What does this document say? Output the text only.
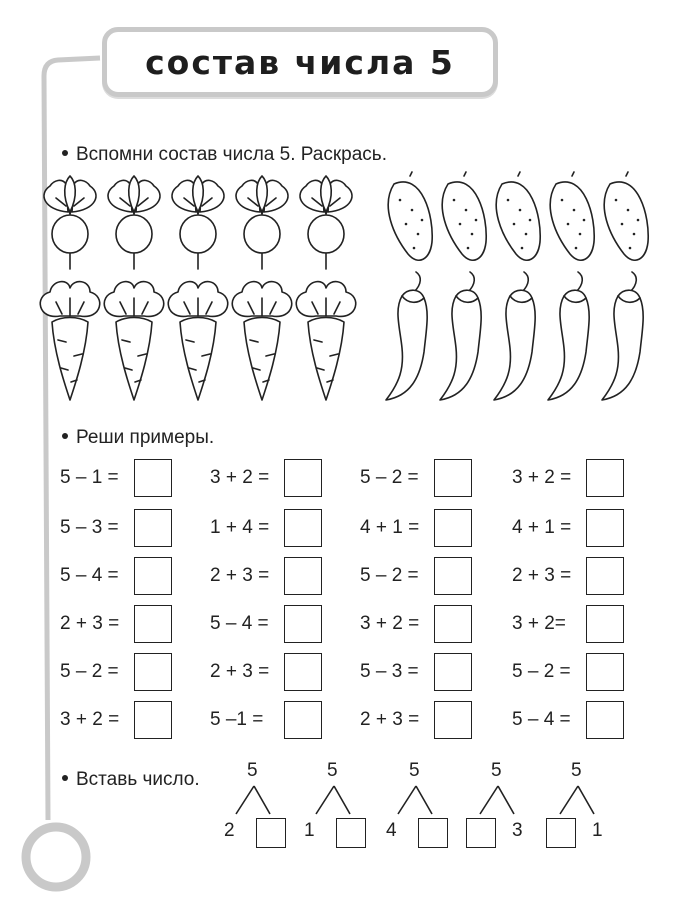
состав числа 5
Вспомни состав числа 5. Раскрась.
Реши примеры.
5 – 1 =	3 + 2 =	5 – 2 =	3 + 2 =
5 – 3 =	1 + 4 =	4 + 1 =	4 + 1 =
5 – 4 =	2 + 3 =	5 – 2 =	2 + 3 =
2 + 3 =	5 – 4 =	3 + 2 =	3 + 2=
5 – 2 =	2 + 3 =	5 – 3 =	5 – 2 =
3 + 2 =	5 –1 =	2 + 3 =	5 – 4 =
Вставь число. 5
2
5
1
5
4
5
3
5
1
